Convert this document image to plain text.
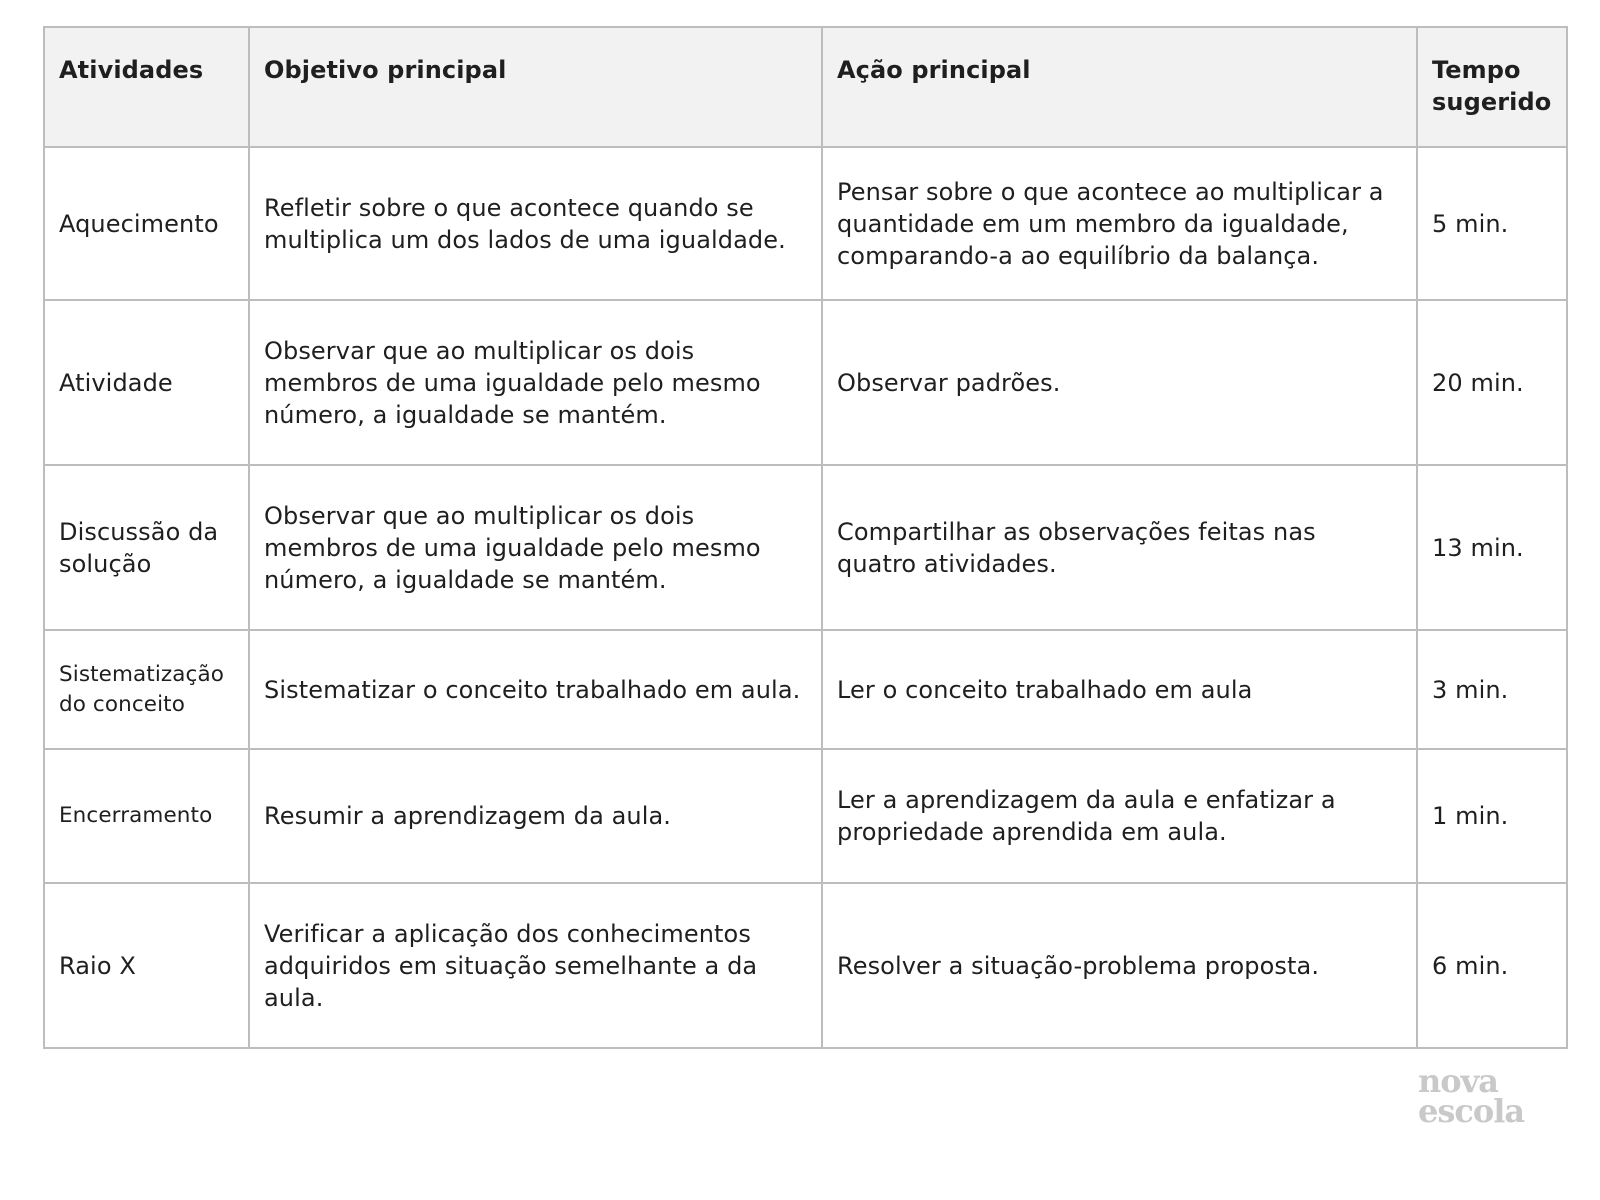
Atividades	Objetivo principal	Ação principal	Tempo sugerido
Aquecimento	Refletir sobre o que acontece quando se multiplica um dos lados de uma igualdade.	Pensar sobre o que acontece ao multiplicar a quantidade em um membro da igualdade, comparando-a ao equilíbrio da balança.	5 min.
Atividade	Observar que ao multiplicar os dois membros de uma igualdade pelo mesmo número, a igualdade se mantém.	Observar padrões.	20 min.
Discussão da solução	Observar que ao multiplicar os dois membros de uma igualdade pelo mesmo número, a igualdade se mantém.	Compartilhar as observações feitas nas quatro atividades.	13 min.
Sistematização do conceito	Sistematizar o conceito trabalhado em aula.	Ler o conceito trabalhado em aula	3 min.
Encerramento	Resumir a aprendizagem da aula.	Ler a aprendizagem da aula e enfatizar a propriedade aprendida em aula.	1 min.
Raio X	Verificar a aplicação dos conhecimentos adquiridos em situação semelhante a da aula.	Resolver a situação-problema proposta.	6 min.
nova
escola
